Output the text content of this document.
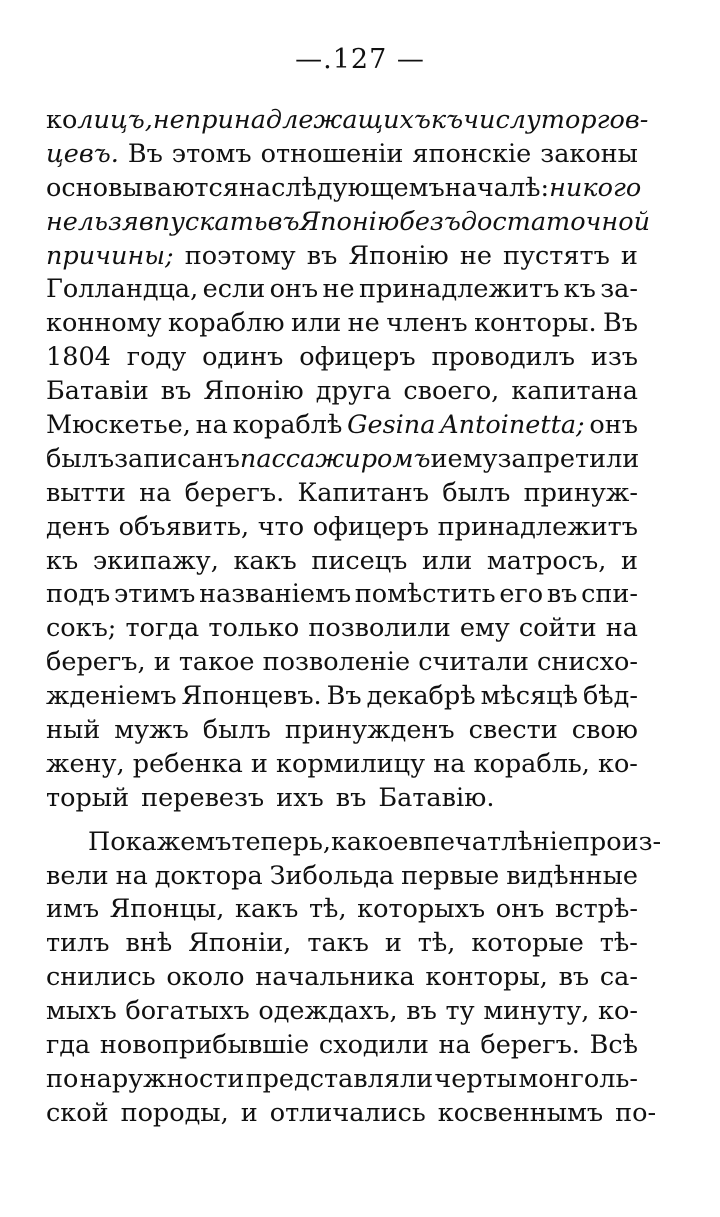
—.127 —
ко лицъ, непринадлежащихъ къ числу торгов-
цевъ. Въ этомъ отношеніи японскіе законы
основываются на слѣдующемъ началѣ: никого
нельзя впускать въ Японію безъ достаточной
причины; поэтому въ Японію не пустятъ и
Голландца, если онъ не принадлежитъ къ за-
конному кораблю или не членъ конторы. Въ
1804 году одинъ офицеръ проводилъ изъ
Батавіи въ Японію друга своего, капитана
Мюскетье, на кораблѣ Gesina Antoinetta; онъ
былъ записанъ пассажиромъ и ему запретили
вытти на берегъ. Капитанъ былъ принуж-
денъ объявить, что офицеръ принадлежитъ
къ экипажу, какъ писецъ или матросъ, и
подъ этимъ названіемъ помѣстить его въ спи-
сокъ; тогда только позволили ему сойти на
берегъ, и такое позволеніе считали снисхо-
жденіемъ Японцевъ. Въ декабрѣ мѣсяцѣ бѣд-
ный мужъ былъ принужденъ свести свою
жену, ребенка и кормилицу на корабль, ко-
торый перевезъ ихъ въ Батавію.
Покажемъ теперь, какое впечатлѣніе произ-
вели на доктора Зибольда первые видѣнные
имъ Японцы, какъ тѣ, которыхъ онъ встрѣ-
тилъ внѣ Японіи, такъ и тѣ, которые тѣ-
снились около начальника конторы, въ са-
мыхъ богатыхъ одеждахъ, въ ту минуту, ко-
гда новоприбывшіе сходили на берегъ. Всѣ
по наружности представляли черты монголь-
ской породы, и отличались косвеннымъ по-
